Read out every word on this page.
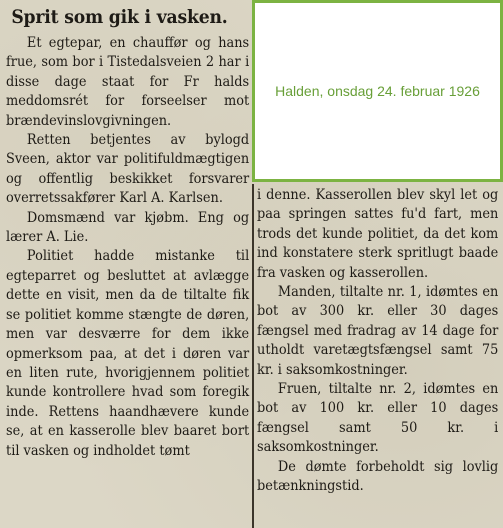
Sprit som gik i vasken.

Et egtepar, en chauffør og hans frue, som bor i Tistedalsveien 2 har i disse dage staat for Fr halds meddomsrét for forseelser mot brændevinslovgivningen.

Retten betjentes av bylogd Sveen, aktor var politifuldmægtigen og offentlig beskikket forsvarer overretssakfører Karl A. Karlsen.

Domsmænd var kjøbm. Eng og lærer A. Lie.

Politiet hadde mistanke til egteparret og besluttet at avlægge dette en visit, men da de tiltalte fik se politiet komme stængte de døren, men var desværre for dem ikke opmerksom paa, at det i døren var en liten rute, hvorigjennem politiet kunde kontrollere hvad som foregik inde. Rettens haandhævere kunde se, at en kasserolle blev baaret bort til vasken og indholdet tømt

i denne. Kasserollen blev skyl let og paa springen sattes fu'd fart, men trods det kunde politiet, da det kom ind konstatere sterk spritlugt baade fra vasken og kasserollen.

Manden, tiltalte nr. 1, idømtes en bot av 300 kr. eller 30 dages fængsel med fradrag av 14 dage for utholdt varetægtsfængsel samt 75 kr. i saksomkostninger.

Fruen, tiltalte nr. 2, idømtes en bot av 100 kr. eller 10 dages fængsel samt 50 kr. i saksomkostninger.

De dømte forbeholdt sig lovlig betænkningstid.

Halden, onsdag 24. februar 1926
